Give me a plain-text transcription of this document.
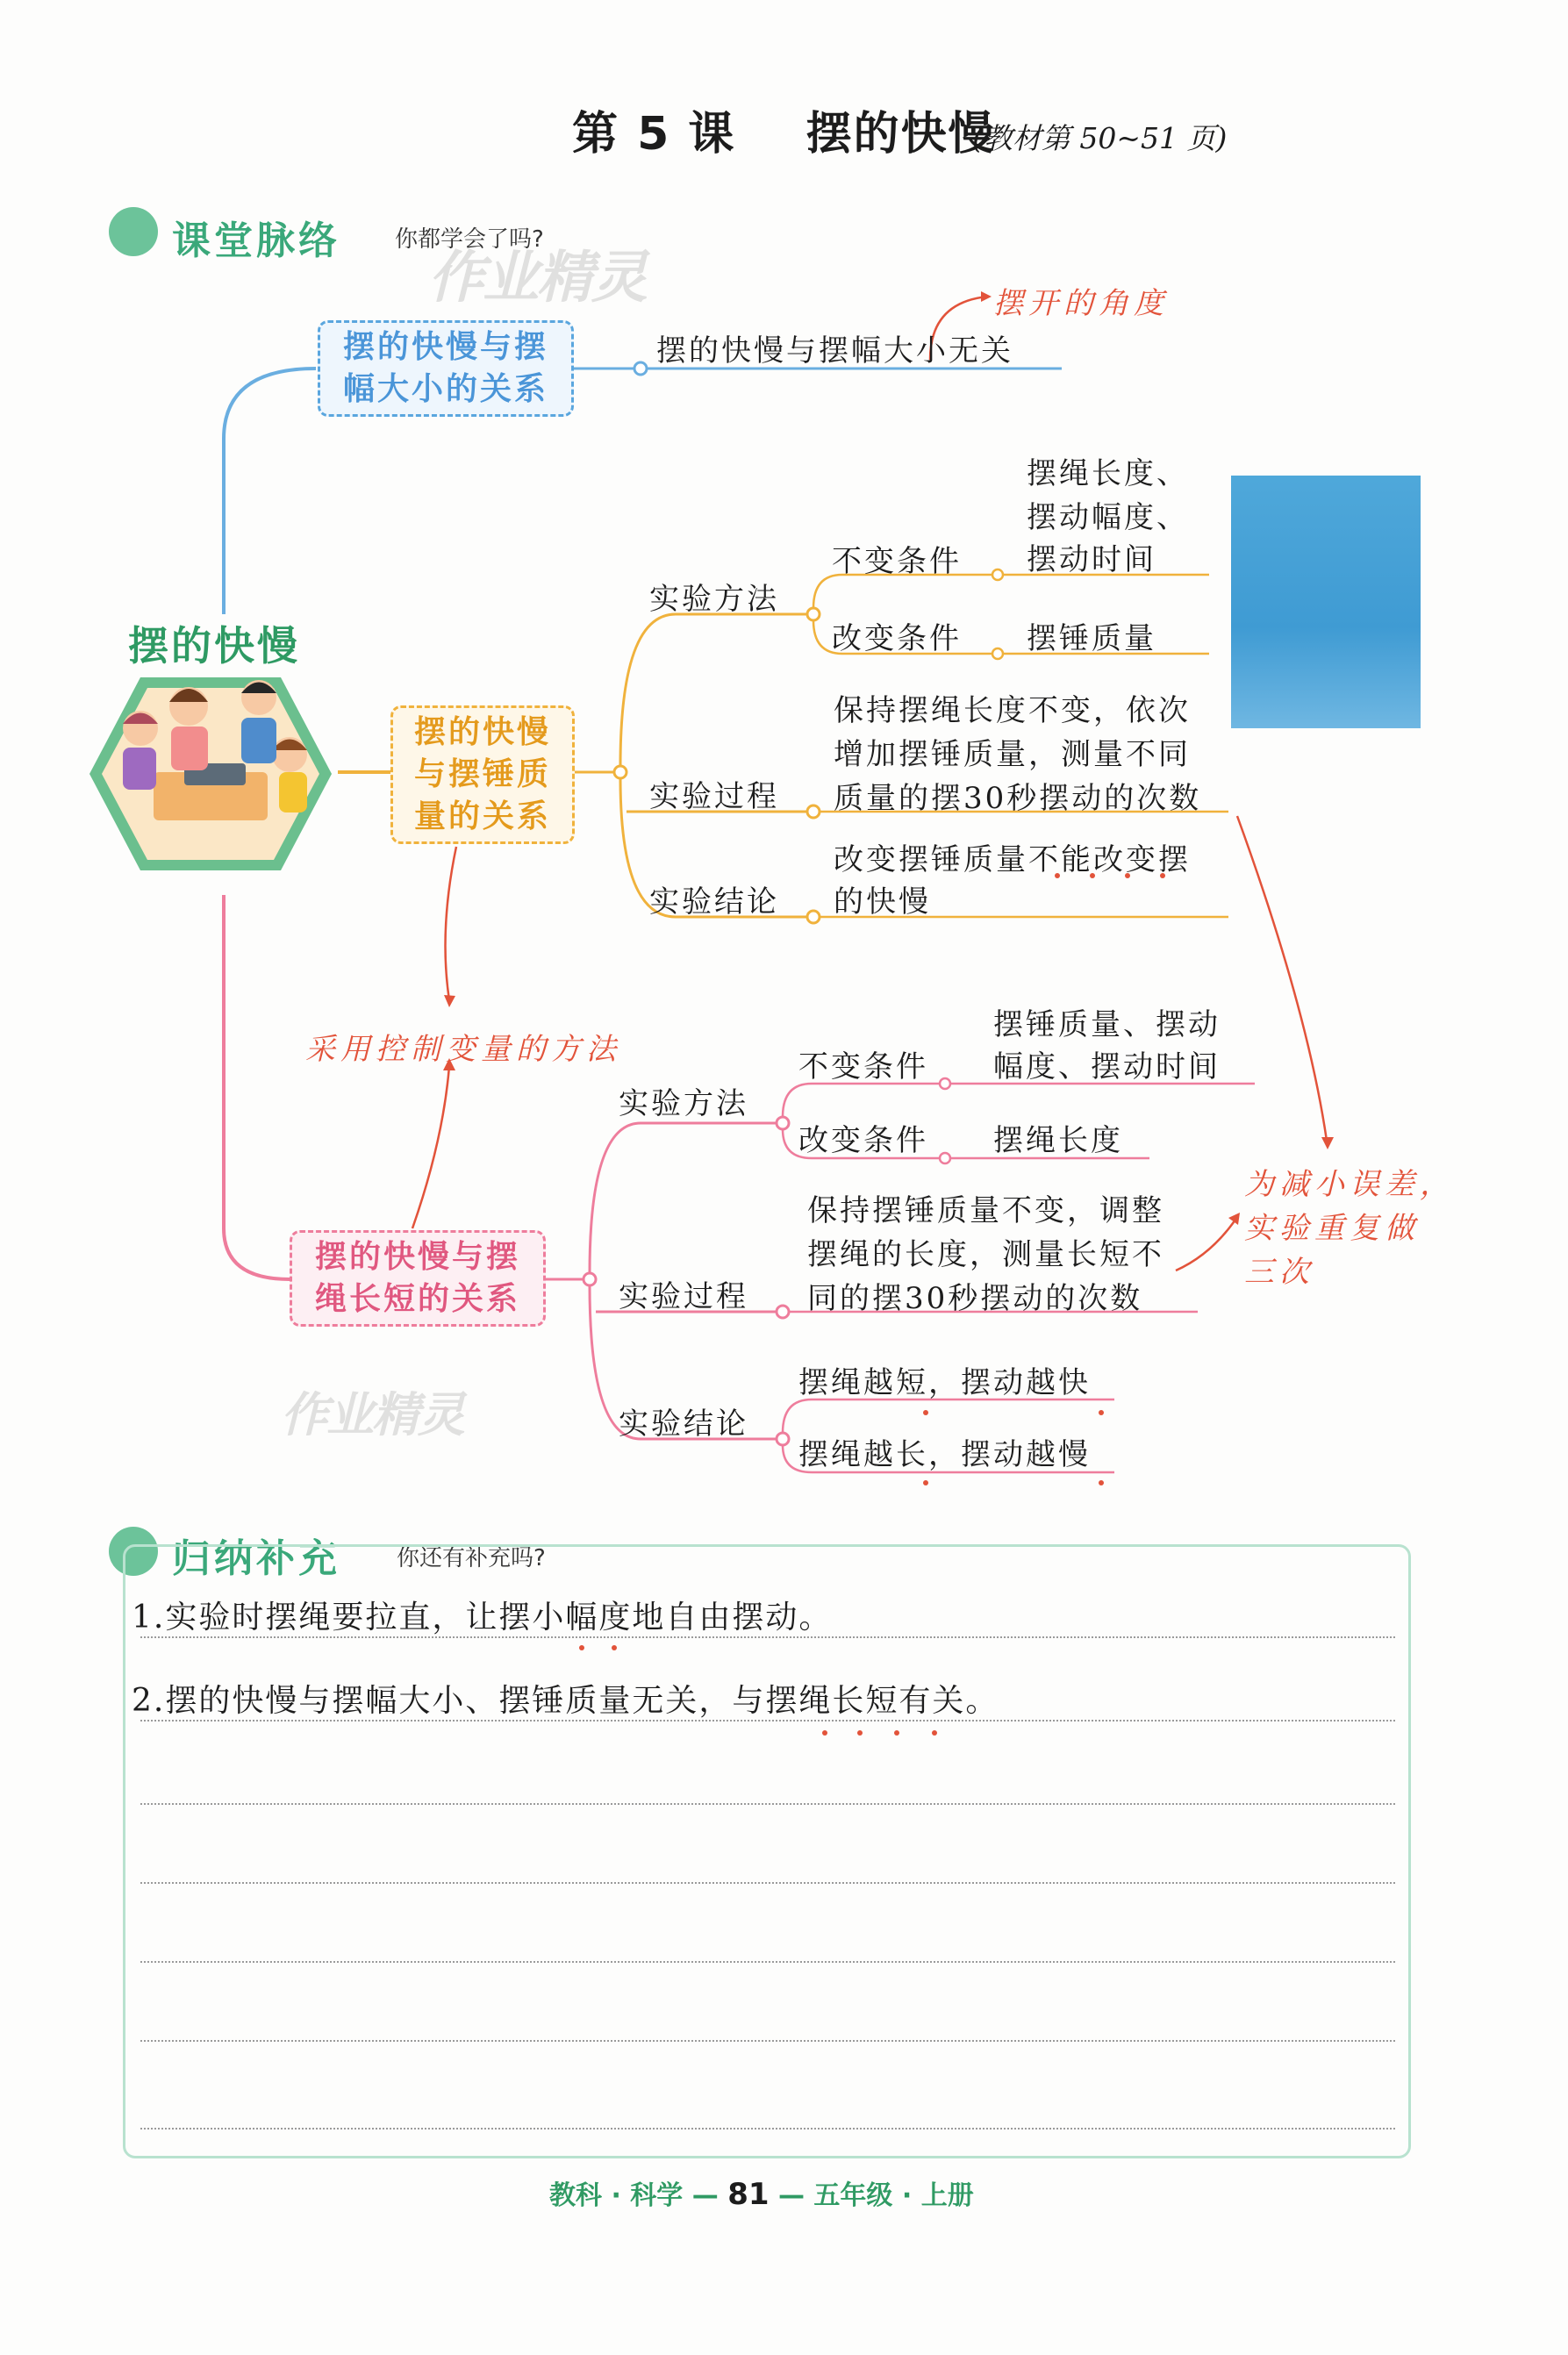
第 5 课 摆的快慢
(教材第 50~51 页)
课堂脉络 你都学会了吗?
作业精灵
摆的快慢
摆的快慢与摆
幅大小的关系
摆的快慢与摆幅大小无关
摆开的角度
摆的快慢
与摆锤质
量的关系
实验方法
不变条件
摆绳长度、
摆动幅度、
摆动时间
改变条件 摆锤质量
实验过程
保持摆绳长度不变，依次
增加摆锤质量，测量不同
质量的摆30秒摆动的次数
实验结论
改变摆锤质量不能改变摆
的快慢
采用控制变量的方法
为减小误差，
实验重复做
三次
摆的快慢与摆
绳长短的关系
实验方法
不变条件
摆锤质量、摆动
幅度、摆动时间
改变条件 摆绳长度
实验过程
保持摆锤质量不变，调整
摆绳的长度，测量长短不
同的摆30秒摆动的次数
实验结论
摆绳越短，摆动越快
摆绳越长，摆动越慢
作业精灵
归纳补充 你还有补充吗?
1.实验时摆绳要拉直，让摆小幅度地自由摆动。
2.摆的快慢与摆幅大小、摆锤质量无关，与摆绳长短有关。
教科 · 科学 — 81 — 五年级 · 上册
